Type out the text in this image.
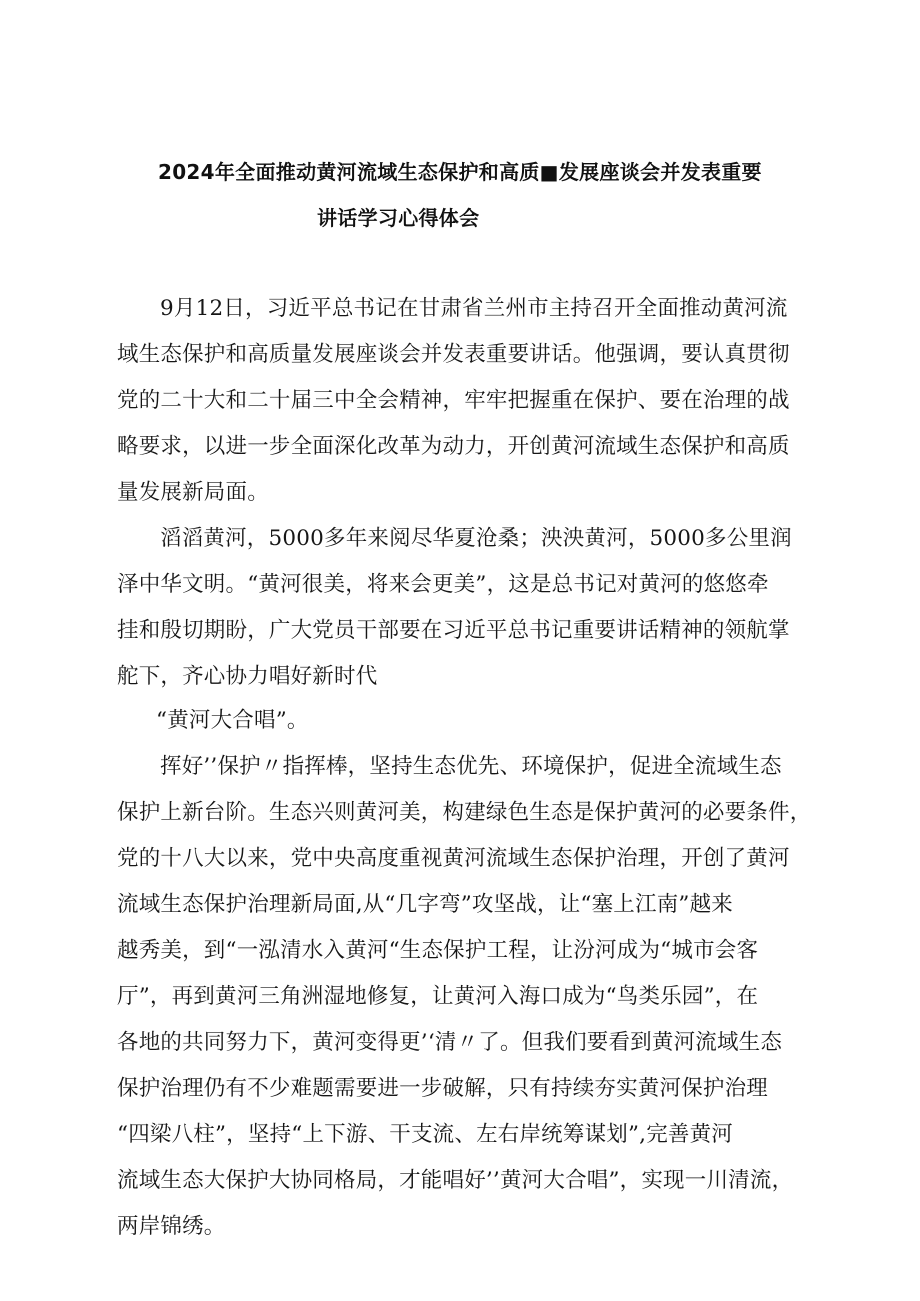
2024年全面推动黄河流域生态保护和高质■发展座谈会并发表重要
讲话学习心得体会
9月12日，习近平总书记在甘肃省兰州市主持召开全面推动黄河流
域生态保护和高质量发展座谈会并发表重要讲话。他强调，要认真贯彻
党的二十大和二十届三中全会精神，牢牢把握重在保护、要在治理的战
略要求，以进一步全面深化改革为动力，开创黄河流域生态保护和高质
量发展新局面。
滔滔黄河，5000多年来阅尽华夏沧桑；泱泱黄河，5000多公里润
泽中华文明。“黄河很美，将来会更美”，这是总书记对黄河的悠悠牵
挂和殷切期盼，广大党员干部要在习近平总书记重要讲话精神的领航掌
舵下，齐心协力唱好新时代
“黄河大合唱”。
挥好’’保护〃指挥棒，坚持生态优先、环境保护，促进全流域生态
保护上新台阶。生态兴则黄河美，构建绿色生态是保护黄河的必要条件，
党的十八大以来，党中央高度重视黄河流域生态保护治理，开创了黄河
流域生态保护治理新局面,从“几字弯”攻坚战，让“塞上江南”越来
越秀美，到“一泓清水入黄河“生态保护工程，让汾河成为“城市会客
厅”，再到黄河三角洲湿地修复，让黄河入海口成为“鸟类乐园”，在
各地的共同努力下，黄河变得更’‘清〃了。但我们要看到黄河流域生态
保护治理仍有不少难题需要进一步破解，只有持续夯实黄河保护治理
“四梁八柱”，坚持“上下游、干支流、左右岸统筹谋划”,完善黄河
流域生态大保护大协同格局，才能唱好’’黄河大合唱”，实现一川清流，
两岸锦绣。
